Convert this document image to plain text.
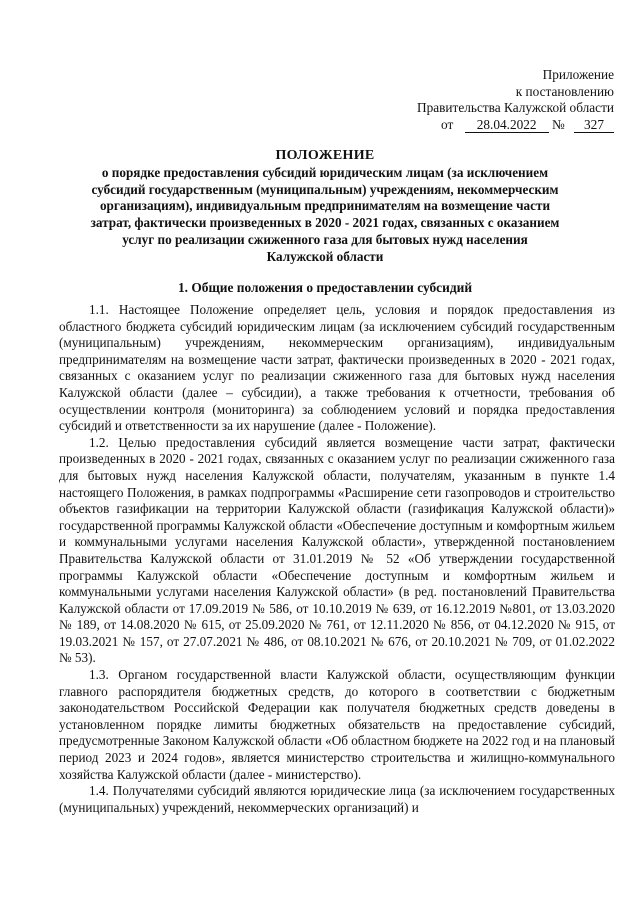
Приложение
к постановлению
Правительства Калужской области
от 28.04.2022 № 327
ПОЛОЖЕНИЕ
о порядке предоставления субсидий юридическим лицам (за исключением
субсидий государственным (муниципальным) учреждениям, некоммерческим
организациям), индивидуальным предпринимателям на возмещение части
затрат, фактически произведенных в 2020 - 2021 годах, связанных с оказанием
услуг по реализации сжиженного газа для бытовых нужд населения
Калужской области
1. Общие положения о предоставлении субсидий

1.1. Настоящее Положение определяет цель, условия и порядок предоставления из областного бюджета субсидий юридическим лицам (за исключением субсидий государственным (муниципальным) учреждениям, некоммерческим организациям), индивидуальным предпринимателям на возмещение части затрат, фактически произведенных в 2020 - 2021 годах, связанных с оказанием услуг по реализации сжиженного газа для бытовых нужд населения Калужской области (далее – субсидии), а также требования к отчетности, требования об осуществлении контроля (мониторинга) за соблюдением условий и порядка предоставления субсидий и ответственности за их нарушение (далее - Положение).

1.2. Целью предоставления субсидий является возмещение части затрат, фактически произведенных в 2020 - 2021 годах, связанных с оказанием услуг по реализации сжиженного газа для бытовых нужд населения Калужской области, получателям, указанным в пункте 1.4 настоящего Положения, в рамках подпрограммы «Расширение сети газопроводов и строительство объектов газификации на территории Калужской области (газификация Калужской области)» государственной программы Калужской области «Обеспечение доступным и комфортным жильем и коммунальными услугами населения Калужской области», утвержденной постановлением Правительства Калужской области от 31.01.2019 № 52 «Об утверждении государственной программы Калужской области «Обеспечение доступным и комфортным жильем и коммунальными услугами населения Калужской области» (в ред. постановлений Правительства Калужской области от 17.09.2019 № 586, от 10.10.2019 № 639, от 16.12.2019 №801, от 13.03.2020 № 189, от 14.08.2020 № 615, от 25.09.2020 № 761, от 12.11.2020 № 856, от 04.12.2020 № 915, от 19.03.2021 № 157, от 27.07.2021 № 486, от 08.10.2021 № 676, от 20.10.2021 № 709, от 01.02.2022 № 53).

1.3. Органом государственной власти Калужской области, осуществляющим функции главного распорядителя бюджетных средств, до которого в соответствии с бюджетным законодательством Российской Федерации как получателя бюджетных средств доведены в установленном порядке лимиты бюджетных обязательств на предоставление субсидий, предусмотренные Законом Калужской области «Об областном бюджете на 2022 год и на плановый период 2023 и 2024 годов», является министерство строительства и жилищно-коммунального хозяйства Калужской области (далее - министерство).

1.4. Получателями субсидий являются юридические лица (за исключением государственных (муниципальных) учреждений, некоммерческих организаций) и
